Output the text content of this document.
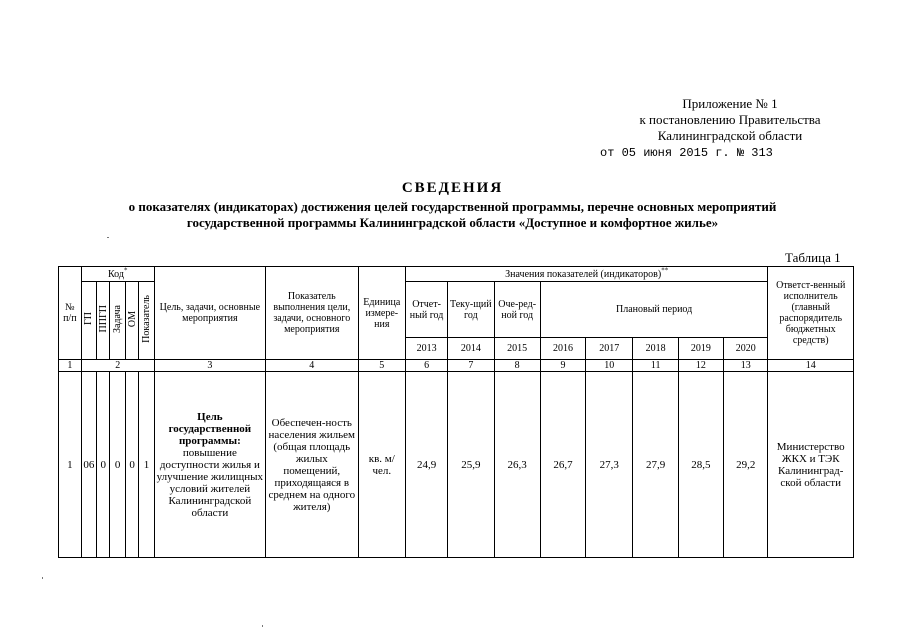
Приложение № 1
к постановлению Правительства
Калининградской области
от 05 июня 2015 г. № 313
СВЕДЕНИЯ
о показателях (индикаторах) достижения целей государственной программы, перечне основных мероприятий
государственной программы Калининградской области «Доступное и комфортное жилье»
Таблица 1
№ п/п	Код*					Цель, задачи, основные мероприятия	Показатель выполнения цели, задачи, основного мероприятия	Единица измере-ния	Значения показателей (индикаторов)**								Ответст-венный исполнитель (главный распорядитель бюджетных средств)
	ГП	ППГП	Задача	ОМ	Показатель				Отчет-ный год	Теку-щий год	Оче-ред-ной год	Плановый период					
									2013	2014	2015	2016	2017	2018	2019	2020	
1	2					3	4	5	6	7	8	9	10	11	12	13	14
1	06	0	0	0	1	Цель государственной программы: повышение доступности жилья и улучшение жилищных условий жителей Калининградской области	Обеспечен-ность населения жильем (общая площадь жилых помещений, приходящаяся в среднем на одного жителя)	кв. м/ чел.	24,9	25,9	26,3	26,7	27,3	27,9	28,5	29,2	Министерство ЖКХ и ТЭК Калининград-ской области
